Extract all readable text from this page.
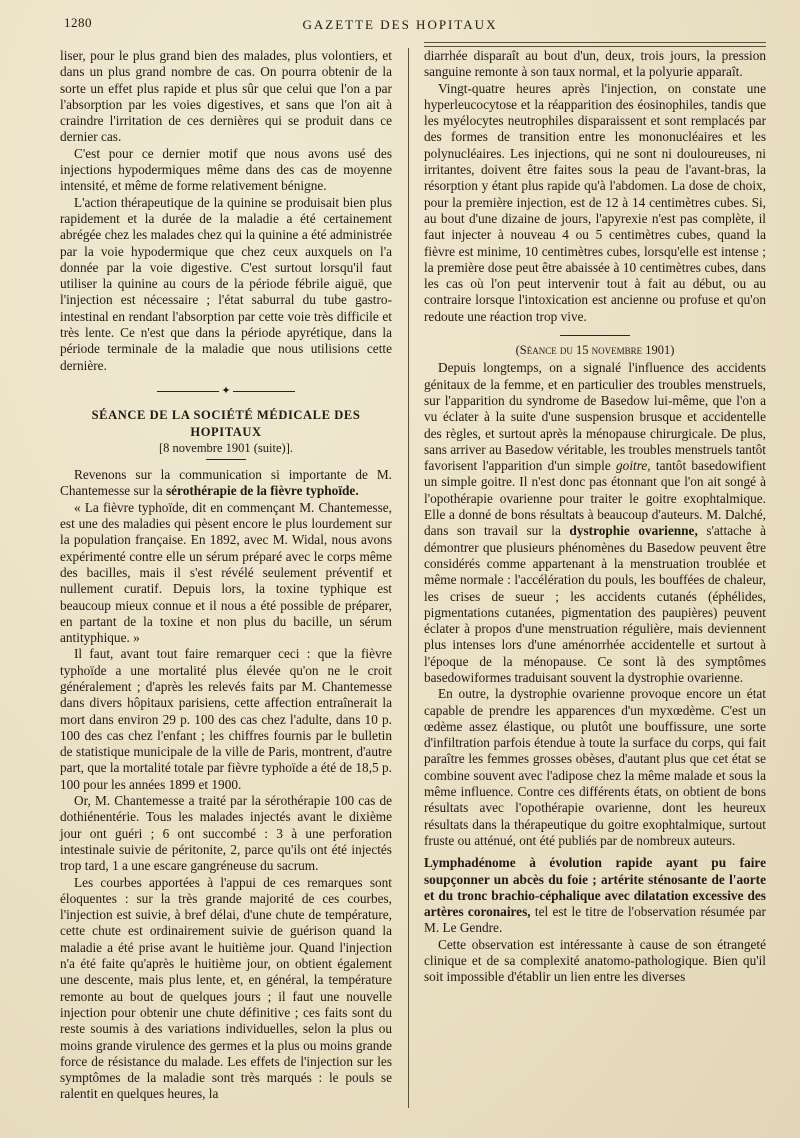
1280	GAZETTE DES HOPITAUX

liser, pour le plus grand bien des malades, plus volontiers, et dans un plus grand nombre de cas. On pourra obtenir de la sorte un effet plus rapide et plus sûr que celui que l'on a par l'absorption par les voies digestives, et sans que l'on ait à craindre l'irritation de ces dernières qui se produit dans ce dernier cas.

C'est pour ce dernier motif que nous avons usé des injections hypodermiques même dans des cas de moyenne intensité, et même de forme relativement bénigne.

L'action thérapeutique de la quinine se produisait bien plus rapidement et la durée de la maladie a été certainement abrégée chez les malades chez qui la quinine a été administrée par la voie hypodermique que chez ceux auxquels on l'a donnée par la voie digestive. C'est surtout lorsqu'il faut utiliser la quinine au cours de la période fébrile aiguë, que l'injection est nécessaire ; l'état saburral du tube gastro-intestinal en rendant l'absorption par cette voie très difficile et très lente. Ce n'est que dans la période apyrétique, dans la période terminale de la maladie que nous utilisions cette dernière.

✦
SÉANCE DE LA SOCIÉTÉ MÉDICALE DES HOPITAUX
[8 novembre 1901 (suite)].

Revenons sur la communication si importante de M. Chantemesse sur la sérothérapie de la fièvre typhoïde.

« La fièvre typhoïde, dit en commençant M. Chantemesse, est une des maladies qui pèsent encore le plus lourdement sur la population française. En 1892, avec M. Widal, nous avons expérimenté contre elle un sérum préparé avec le corps même des bacilles, mais il s'est révélé seulement préventif et nullement curatif. Depuis lors, la toxine typhique est beaucoup mieux connue et il nous a été possible de préparer, en partant de la toxine et non plus du bacille, un sérum antityphique. »

Il faut, avant tout faire remarquer ceci : que la fièvre typhoïde a une mortalité plus élevée qu'on ne le croit généralement ; d'après les relevés faits par M. Chantemesse dans divers hôpitaux parisiens, cette affection entraînerait la mort dans environ 29 p. 100 des cas chez l'adulte, dans 10 p. 100 des cas chez l'enfant ; les chiffres fournis par le bulletin de statistique municipale de la ville de Paris, montrent, d'autre part, que la mortalité totale par fièvre typhoïde a été de 18,5 p. 100 pour les années 1899 et 1900.

Or, M. Chantemesse a traité par la sérothérapie 100 cas de dothiénentérie. Tous les malades injectés avant le dixième jour ont guéri ; 6 ont succombé : 3 à une perforation intestinale suivie de péritonite, 2, parce qu'ils ont été injectés trop tard, 1 a une escare gangréneuse du sacrum.

Les courbes apportées à l'appui de ces remarques sont éloquentes : sur la très grande majorité de ces courbes, l'injection est suivie, à bref délai, d'une chute de température, cette chute est ordinairement suivie de guérison quand la maladie a été prise avant le huitième jour. Quand l'injection n'a été faite qu'après le huitième jour, on obtient également une descente, mais plus lente, et, en général, la température remonte au bout de quelques jours ; il faut une nouvelle injection pour obtenir une chute définitive ; ces faits sont du reste soumis à des variations individuelles, selon la plus ou moins grande virulence des germes et la plus ou moins grande force de résistance du malade. Les effets de l'injection sur les symptômes de la maladie sont très marqués : le pouls se ralentit en quelques heures, la

diarrhée disparaît au bout d'un, deux, trois jours, la pression sanguine remonte à son taux normal, et la polyurie apparaît.

Vingt-quatre heures après l'injection, on constate une hyperleucocytose et la réapparition des éosinophiles, tandis que les myélocytes neutrophiles disparaissent et sont remplacés par des formes de transition entre les mononucléaires et les polynucléaires. Les injections, qui ne sont ni douloureuses, ni irritantes, doivent être faites sous la peau de l'avant-bras, la résorption y étant plus rapide qu'à l'abdomen. La dose de choix, pour la première injection, est de 12 à 14 centimètres cubes. Si, au bout d'une dizaine de jours, l'apyrexie n'est pas complète, il faut injecter à nouveau 4 ou 5 centimètres cubes, quand la fièvre est minime, 10 centimètres cubes, lorsqu'elle est intense ; la première dose peut être abaissée à 10 centimètres cubes, dans les cas où l'on peut intervenir tout à fait au début, ou au contraire lorsque l'intoxication est ancienne ou profuse et qu'on redoute une réaction trop vive.

(Séance du 15 novembre 1901)

Depuis longtemps, on a signalé l'influence des accidents génitaux de la femme, et en particulier des troubles menstruels, sur l'apparition du syndrome de Basedow lui-même, que l'on a vu éclater à la suite d'une suspension brusque et accidentelle des règles, et surtout après la ménopause chirurgicale. De plus, sans arriver au Basedow véritable, les troubles menstruels tantôt favorisent l'apparition d'un simple goitre, tantôt basedowifient un simple goitre. Il n'est donc pas étonnant que l'on ait songé à l'opothérapie ovarienne pour traiter le goitre exophtalmique. Elle a donné de bons résultats à beaucoup d'auteurs. M. Dalché, dans son travail sur la dystrophie ovarienne, s'attache à démontrer que plusieurs phénomènes du Basedow peuvent être considérés comme appartenant à la menstruation troublée et même normale : l'accélération du pouls, les bouffées de chaleur, les crises de sueur ; les accidents cutanés (éphélides, pigmentations cutanées, pigmentation des paupières) peuvent éclater à propos d'une menstruation régulière, mais deviennent plus intenses lors d'une aménorrhée accidentelle et surtout à l'époque de la ménopause. Ce sont là des symptômes basedowiformes traduisant souvent la dystrophie ovarienne.

En outre, la dystrophie ovarienne provoque encore un état capable de prendre les apparences d'un myxœdème. C'est un œdème assez élastique, ou plutôt une bouffissure, une sorte d'infiltration parfois étendue à toute la surface du corps, qui fait paraître les femmes grosses obèses, d'autant plus que cet état se combine souvent avec l'adipose chez la même malade et sous la même influence. Contre ces différents états, on obtient de bons résultats avec l'opothérapie ovarienne, dont les heureux résultats dans la thérapeutique du goitre exophtalmique, surtout fruste ou atténué, ont été publiés par de nombreux auteurs.

Lymphadénome à évolution rapide ayant pu faire soupçonner un abcès du foie ; artérite sténosante de l'aorte et du tronc brachio-céphalique avec dilatation excessive des artères coronaires, tel est le titre de l'observation résumée par M. Le Gendre.

Cette observation est intéressante à cause de son étrangeté clinique et de sa complexité anatomo-pathologique. Bien qu'il soit impossible d'établir un lien entre les diverses
